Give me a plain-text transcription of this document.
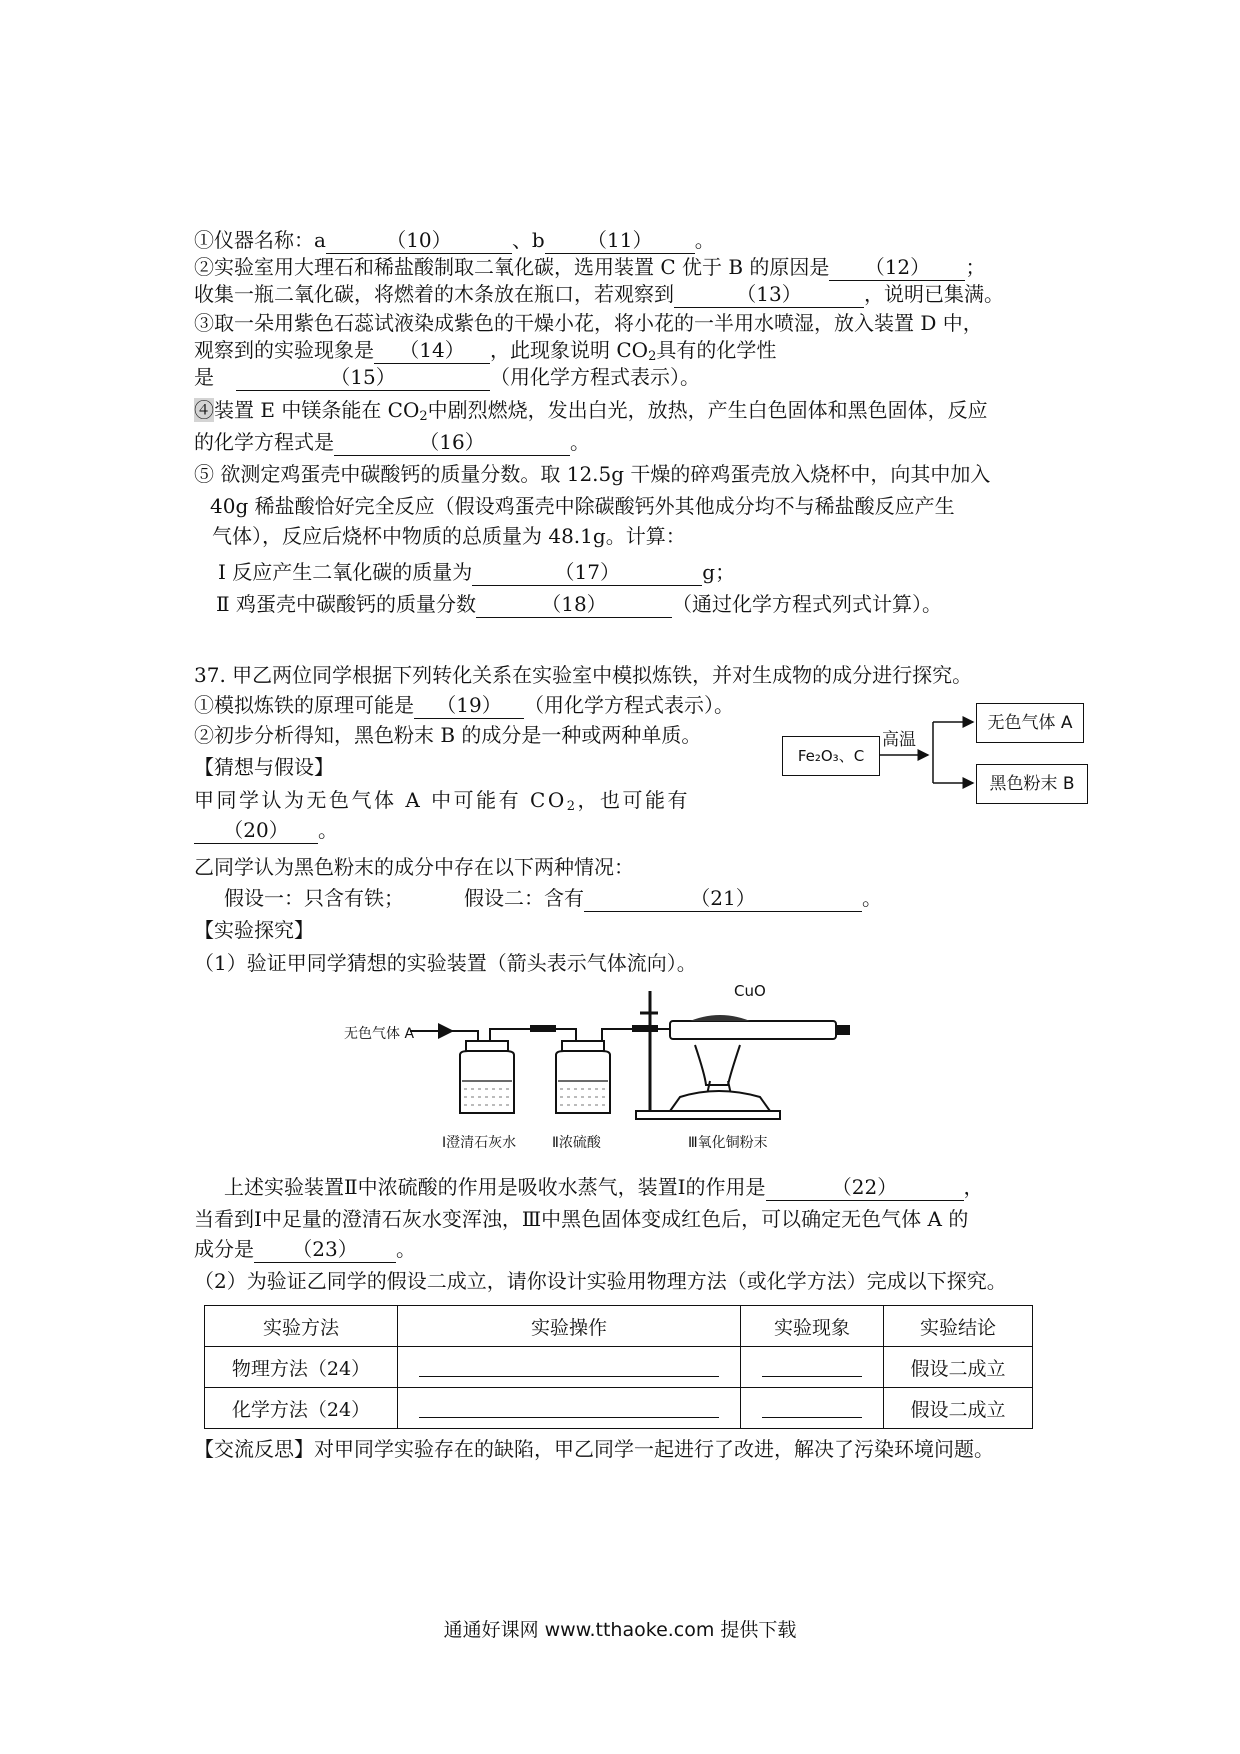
①仪器名称：a	（10）	、b （11） 。
②实验室用大理石和稀盐酸制取二氧化碳，选用装置 C 优于 B 的原因是 （12） ；
收集一瓶二氧化碳，将燃着的木条放在瓶口，若观察到	（13）	，说明已集满。
③取一朵用紫色石蕊试液染成紫色的干燥小花，将小花的一半用水喷湿，放入装置 D 中，
观察到的实验现象是 （14） ，此现象说明 $CO_2$具有的化学性
是	（15）	（用化学方程式表示）。
④装置 E 中镁条能在 $CO_2$中剧烈燃烧，发出白光，放热，产生白色固体和黑色固体，反应
的化学方程式是	（16）	。
⑤ 欲测定鸡蛋壳中碳酸钙的质量分数。取 12.5g 干燥的碎鸡蛋壳放入烧杯中，向其中加入
40g 稀盐酸恰好完全反应（假设鸡蛋壳中除碳酸钙外其他成分均不与稀盐酸反应产生
气体），反应后烧杯中物质的总质量为 48.1g。计算：
Ⅰ 反应产生二氧化碳的质量为	（17）	g；
Ⅱ 鸡蛋壳中碳酸钙的质量分数	（18）	（通过化学方程式列式计算）。
37. 甲乙两位同学根据下列转化关系在实验室中模拟炼铁，并对生成物的成分进行探究。
①模拟炼铁的原理可能是 （19） （用化学方程式表示）。
②初步分析得知，黑色粉末 B 的成分是一种或两种单质。
【猜想与假设】
甲同学认为无色气体 A 中可能有 $CO_2$，也可能有
（20） 。
乙同学认为黑色粉末的成分中存在以下两种情况：
假设一：只含有铁；	假设二：含有	（21）	。
【实验探究】
（1）验证甲同学猜想的实验装置（箭头表示气体流向）。
Fe₂O₃、C
高温
无色气体 A
黑色粉末 B
无色气体 A
CuO
Ⅰ澄清石灰水	Ⅱ浓硫酸	Ⅲ氧化铜粉末
上述实验装置Ⅱ中浓硫酸的作用是吸收水蒸气，装置Ⅰ的作用是	（22）	，
当看到Ⅰ中足量的澄清石灰水变浑浊，Ⅲ中黑色固体变成红色后，可以确定无色气体 A 的
成分是 （23） 。
（2）为验证乙同学的假设二成立，请你设计实验用物理方法（或化学方法）完成以下探究。
实验方法	实验操作	实验现象	实验结论
物理方法（24）			假设二成立
化学方法（24）			假设二成立
【交流反思】对甲同学实验存在的缺陷，甲乙同学一起进行了改进，解决了污染环境问题。
通通好课网 www.tthaoke.com 提供下载
